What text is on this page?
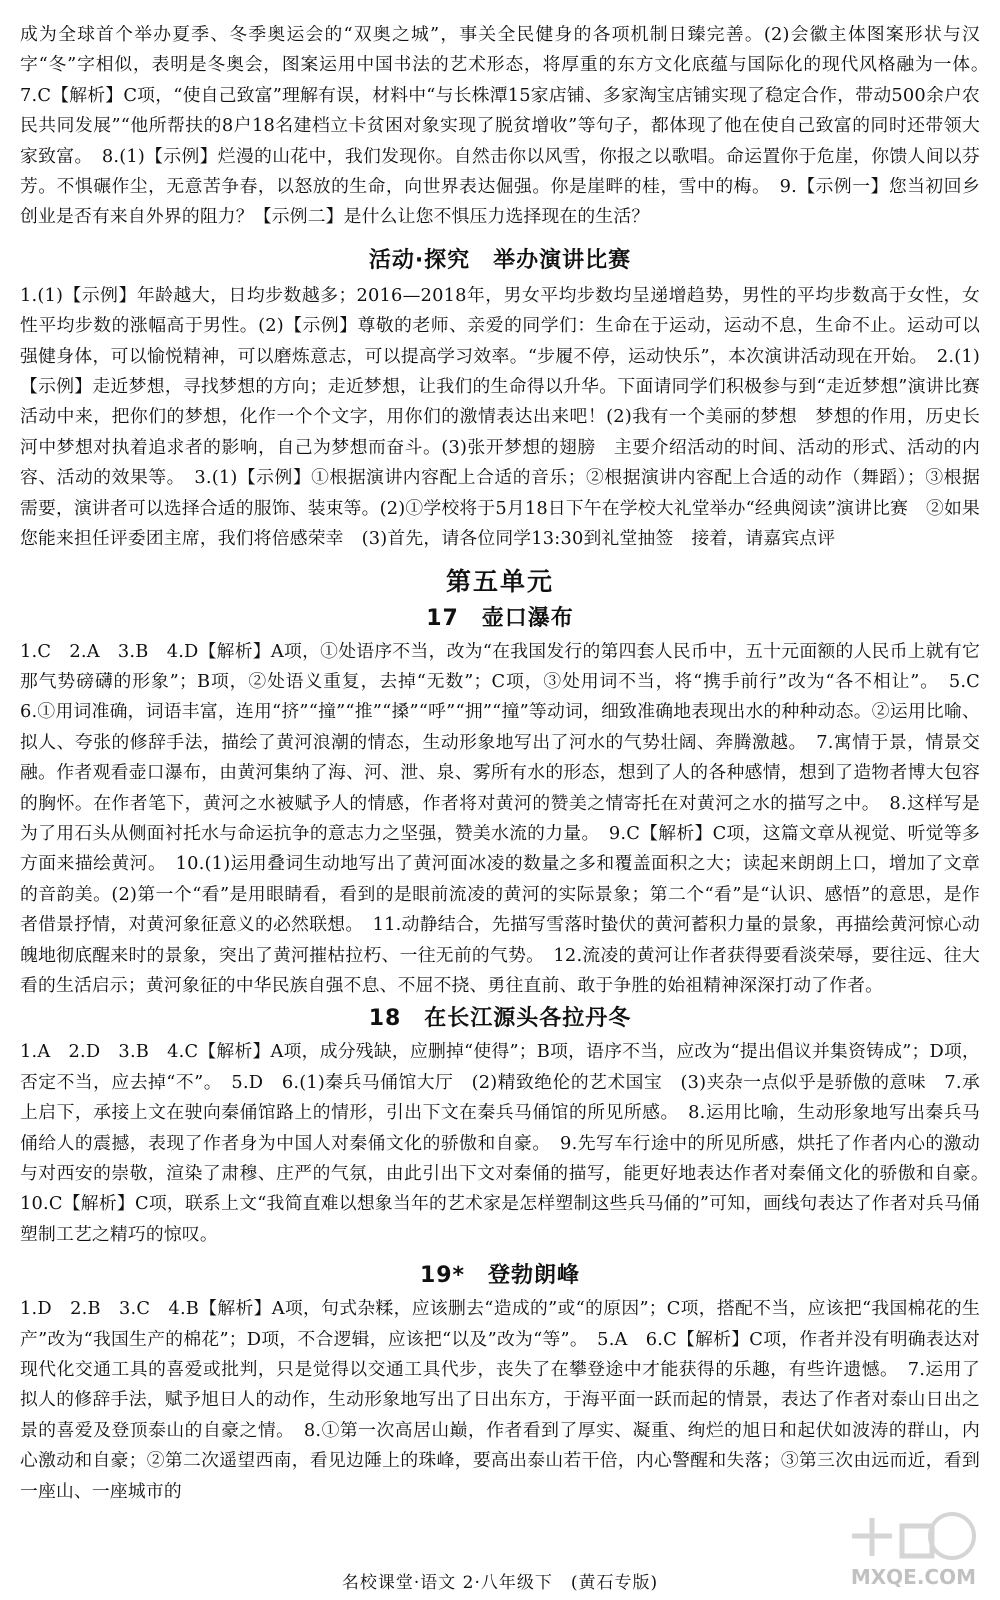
成为全球首个举办夏季、冬季奥运会的“双奥之城”，事关全民健身的各项机制日臻完善。(2)会徽主体图案形状与汉字“冬”字相似，表明是冬奥会，图案运用中国书法的艺术形态，将厚重的东方文化底蕴与国际化的现代风格融为一体。　7.C【解析】C项，“使自己致富”理解有误，材料中“与长株潭15家店铺、多家淘宝店铺实现了稳定合作，带动500余户农民共同发展”“他所帮扶的8户18名建档立卡贫困对象实现了脱贫增收”等句子，都体现了他在使自己致富的同时还带领大家致富。　8.(1)【示例】烂漫的山花中，我们发现你。自然击你以风雪，你报之以歌唱。命运置你于危崖，你馈人间以芬芳。不惧碾作尘，无意苦争春，以怒放的生命，向世界表达倔强。你是崖畔的桂，雪中的梅。　9.【示例一】您当初回乡创业是否有来自外界的阻力？【示例二】是什么让您不惧压力选择现在的生活？

活动·探究　举办演讲比赛

1.(1)【示例】年龄越大，日均步数越多；2016—2018年，男女平均步数均呈递增趋势，男性的平均步数高于女性，女性平均步数的涨幅高于男性。(2)【示例】尊敬的老师、亲爱的同学们：生命在于运动，运动不息，生命不止。运动可以强健身体，可以愉悦精神，可以磨炼意志，可以提高学习效率。“步履不停，运动快乐”，本次演讲活动现在开始。　2.(1)【示例】走近梦想，寻找梦想的方向；走近梦想，让我们的生命得以升华。下面请同学们积极参与到“走近梦想”演讲比赛活动中来，把你们的梦想，化作一个个文字，用你们的激情表达出来吧！(2)我有一个美丽的梦想　梦想的作用，历史长河中梦想对执着追求者的影响，自己为梦想而奋斗。(3)张开梦想的翅膀　主要介绍活动的时间、活动的形式、活动的内容、活动的效果等。　3.(1)【示例】①根据演讲内容配上合适的音乐；②根据演讲内容配上合适的动作（舞蹈）；③根据需要，演讲者可以选择合适的服饰、装束等。(2)①学校将于5月18日下午在学校大礼堂举办“经典阅读”演讲比赛　②如果您能来担任评委团主席，我们将倍感荣幸　(3)首先，请各位同学13:30到礼堂抽签　接着，请嘉宾点评

第五单元
17　壶口瀑布

1.C　2.A　3.B　4.D【解析】A项，①处语序不当，改为“在我国发行的第四套人民币中，五十元面额的人民币上就有它那气势磅礴的形象”；B项，②处语义重复，去掉“无数”；C项，③处用词不当，将“携手前行”改为“各不相让”。　5.C　6.①用词准确，词语丰富，连用“挤”“撞”“推”“搡”“呼”“拥”“撞”等动词，细致准确地表现出水的种种动态。②运用比喻、拟人、夸张的修辞手法，描绘了黄河浪潮的情态，生动形象地写出了河水的气势壮阔、奔腾激越。　7.寓情于景，情景交融。作者观看壶口瀑布，由黄河集纳了海、河、泄、泉、雾所有水的形态，想到了人的各种感情，想到了造物者博大包容的胸怀。在作者笔下，黄河之水被赋予人的情感，作者将对黄河的赞美之情寄托在对黄河之水的描写之中。　8.这样写是为了用石头从侧面衬托水与命运抗争的意志力之坚强，赞美水流的力量。　9.C【解析】C项，这篇文章从视觉、听觉等多方面来描绘黄河。　10.(1)运用叠词生动地写出了黄河面冰凌的数量之多和覆盖面积之大；读起来朗朗上口，增加了文章的音韵美。(2)第一个“看”是用眼睛看，看到的是眼前流凌的黄河的实际景象；第二个“看”是“认识、感悟”的意思，是作者借景抒情，对黄河象征意义的必然联想。　11.动静结合，先描写雪落时蛰伏的黄河蓄积力量的景象，再描绘黄河惊心动魄地彻底醒来时的景象，突出了黄河摧枯拉朽、一往无前的气势。　12.流凌的黄河让作者获得要看淡荣辱，要往远、往大看的生活启示；黄河象征的中华民族自强不息、不屈不挠、勇往直前、敢于争胜的始祖精神深深打动了作者。

18　在长江源头各拉丹冬

1.A　2.D　3.B　4.C【解析】A项，成分残缺，应删掉“使得”；B项，语序不当，应改为“提出倡议并集资铸成”；D项，否定不当，应去掉“不”。　5.D　6.(1)秦兵马俑馆大厅　(2)精致绝伦的艺术国宝　(3)夹杂一点似乎是骄傲的意味　7.承上启下，承接上文在驶向秦俑馆路上的情形，引出下文在秦兵马俑馆的所见所感。　8.运用比喻，生动形象地写出秦兵马俑给人的震撼，表现了作者身为中国人对秦俑文化的骄傲和自豪。　9.先写车行途中的所见所感，烘托了作者内心的激动与对西安的崇敬，渲染了肃穆、庄严的气氛，由此引出下文对秦俑的描写，能更好地表达作者对秦俑文化的骄傲和自豪。　10.C【解析】C项，联系上文“我简直难以想象当年的艺术家是怎样塑制这些兵马俑的”可知，画线句表达了作者对兵马俑塑制工艺之精巧的惊叹。

19*　登勃朗峰

1.D　2.B　3.C　4.B【解析】A项，句式杂糅，应该删去“造成的”或“的原因”；C项，搭配不当，应该把“我国棉花的生产”改为“我国生产的棉花”；D项，不合逻辑，应该把“以及”改为“等”。　5.A　6.C【解析】C项，作者并没有明确表达对现代化交通工具的喜爱或批判，只是觉得以交通工具代步，丧失了在攀登途中才能获得的乐趣，有些许遗憾。　7.运用了拟人的修辞手法，赋予旭日人的动作，生动形象地写出了日出东方，于海平面一跃而起的情景，表达了作者对泰山日出之景的喜爱及登顶泰山的自豪之情。　8.①第一次高居山巅，作者看到了厚实、凝重、绚烂的旭日和起伏如波涛的群山，内心激动和自豪；②第二次遥望西南，看见边陲上的珠峰，要高出泰山若干倍，内心警醒和失落；③第三次由远而近，看到一座山、一座城市的

MXQE.COM
名校课堂·语文 2·八年级下　(黄石专版)
